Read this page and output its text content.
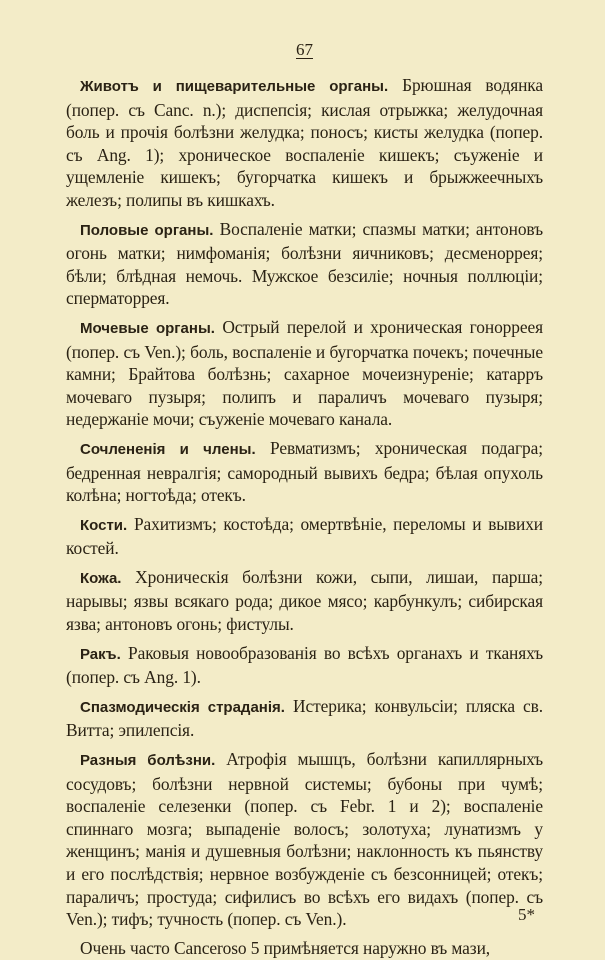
67

Животъ и пищеварительные органы. Брюшная водянка (попер. съ Canc. n.); диспепсія; кислая отрыжка; желудочная боль и прочія болѣзни желудка; поносъ; кисты желудка (попер. съ Ang. 1); хроническое воспаленіе кишекъ; съуженіе и ущемленіе кишекъ; бугорчатка кишекъ и брыжжеечныхъ железъ; полипы въ кишкахъ.

Половые органы. Воспаленіе матки; спазмы матки; антоновъ огонь матки; нимфоманія; болѣзни яичниковъ; десменоррея; бѣли; блѣдная немочь. Мужское безсиліе; ночныя поллюціи; сперматоррея.

Мочевые органы. Острый перелой и хроническая гонорреея (попер. съ Ven.); боль, воспаленіе и бугорчатка почекъ; почечные камни; Брайтова болѣзнь; сахарное мочеизнуреніе; катарръ мочеваго пузыря; полипъ и параличъ мочеваго пузыря; недержаніе мочи; съуженіе мочеваго канала.

Сочлененія и члены. Ревматизмъ; хроническая подагра; бедренная невралгія; самородный вывихъ бедра; бѣлая опухоль колѣна; ногтоѣда; отекъ.

Кости. Рахитизмъ; костоѣда; омертвѣніе, переломы и вывихи костей.

Кожа. Хроническія болѣзни кожи, сыпи, лишаи, парша; нарывы; язвы всякаго рода; дикое мясо; карбункулъ; сибирская язва; антоновъ огонь; фистулы.

Ракъ. Раковыя новообразованія во всѣхъ органахъ и тканяхъ (попер. съ Ang. 1).

Спазмодическія страданія. Истерика; конвульсіи; пляска св. Витта; эпилепсія.

Разныя болѣзни. Атрофія мышцъ, болѣзни капиллярныхъ сосудовъ; болѣзни нервной системы; бубоны при чумѣ; воспаленіе селезенки (попер. съ Febr. 1 и 2); воспаленіе спиннаго мозга; выпаденіе волосъ; золотуха; лунатизмъ у женщинъ; манія и душевныя болѣзни; наклонность къ пьянству и его послѣдствія; нервное возбужденіе съ безсонницей; отекъ; параличъ; простуда; сифилисъ во всѣхъ его видахъ (попер. съ Ven.); тифъ; тучность (попер. съ Ven.).

Очень часто Canceroso 5 примѣняется наружно въ мази,

5*
